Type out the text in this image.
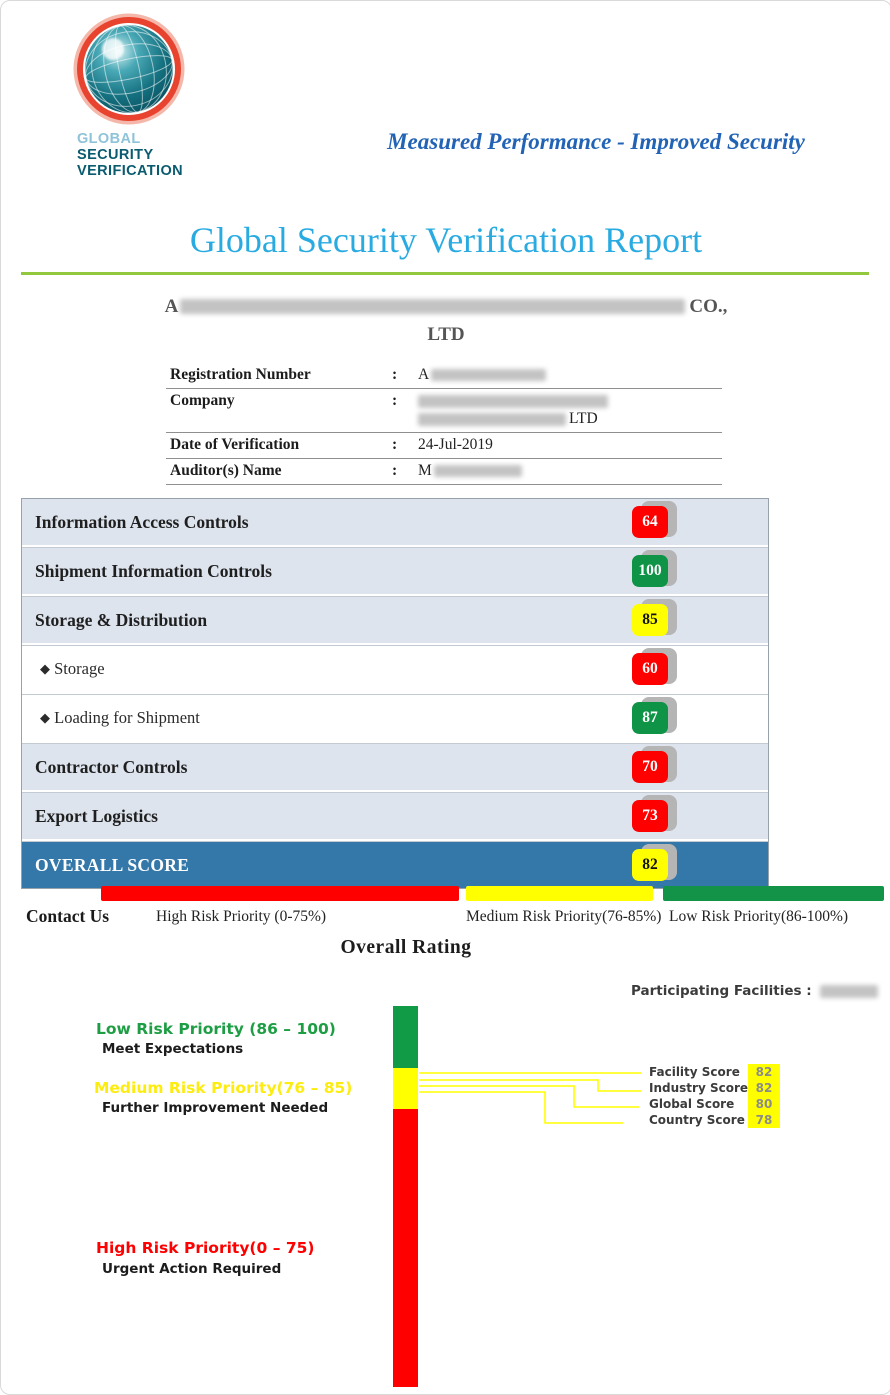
GLOBAL
SECURITY
VERIFICATION
Measured Performance - Improved Security
Global Security Verification Report
A	CO.,
LTD
Registration Number	:	A
Company	:

LTD
Date of Verification	:	24-Jul-2019
Auditor(s) Name	:	M
Information Access Controls	64
Shipment Information Controls	100
Storage & Distribution	85
◆ Storage	60
◆ Loading for Shipment	87
Contractor Controls	70
Export Logistics	73
OVERALL SCORE	82
Contact Us	High Risk Priority (0-75%)	Medium Risk Priority(76-85%) Low Risk Priority(86-100%)
Overall Rating
Participating Facilities :
Low Risk Priority (86 – 100)
Meet Expectations
Medium Risk Priority(76 – 85)
Further Improvement Needed
High Risk Priority(0 – 75)
Urgent Action Required
Facility Score	82
Industry Score 82
Global Score	80
Country Score 78
